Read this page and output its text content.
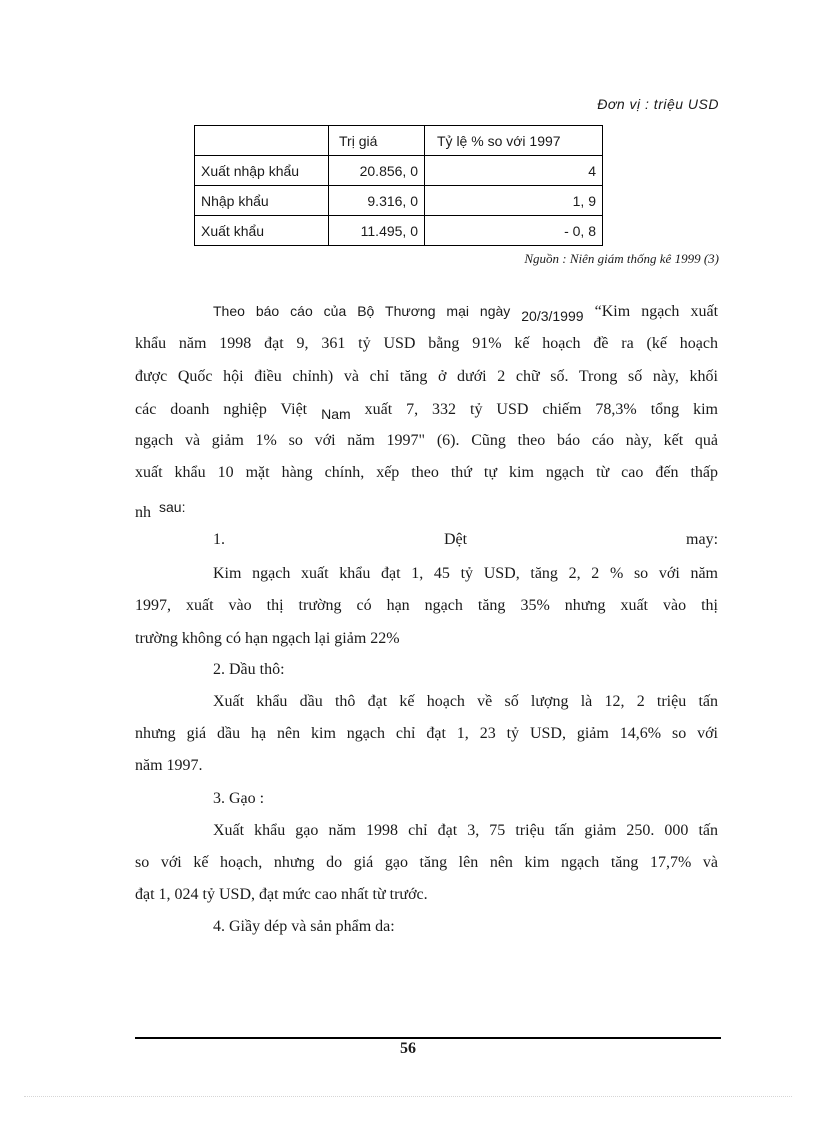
Đơn vị : triệu USD
	Trị giá	Tỷ lệ % so với 1997
Xuất nhập khẩu	20.856, 0	4
Nhập khẩu	9.316, 0	1, 9
Xuất khẩu	11.495, 0	- 0, 8
Nguồn : Niên giám thống kê 1999 (3)
Theo báo cáo của Bộ Thương mại ngày 20/3/1999 “Kim ngạch xuất
khẩu năm 1998 đạt 9, 361 tỷ USD bằng 91% kế hoạch đề ra (kế hoạch
được Quốc hội điều chỉnh) và chỉ tăng ở dưới 2 chữ số. Trong số này, khối
các doanh nghiệp Việt Nam xuất 7, 332 tỷ USD chiếm 78,3% tổng kim
ngạch và giảm 1% so với năm 1997" (6). Cũng theo báo cáo này, kết quả
xuất khẩu 10 mặt hàng chính, xếp theo thứ tự kim ngạch từ cao đến thấp
nh sau:
1.	Dệt	may:
Kim ngạch xuất khẩu đạt 1, 45 tỷ USD, tăng 2, 2 % so với năm
1997, xuất vào thị trường có hạn ngạch tăng 35% nhưng xuất vào thị
trường không có hạn ngạch lại giảm 22%
2. Dầu thô:
Xuất khẩu dầu thô đạt kế hoạch về số lượng là 12, 2 triệu tấn
nhưng giá dầu hạ nên kim ngạch chỉ đạt 1, 23 tỷ USD, giảm 14,6% so với
năm 1997.
3. Gạo :
Xuất khẩu gạo năm 1998 chỉ đạt 3, 75 triệu tấn giảm 250. 000 tấn
so với kế hoạch, nhưng do giá gạo tăng lên nên kim ngạch tăng 17,7% và
đạt 1, 024 tỷ USD, đạt mức cao nhất từ trước.
4. Giầy dép và sản phẩm da:
56
